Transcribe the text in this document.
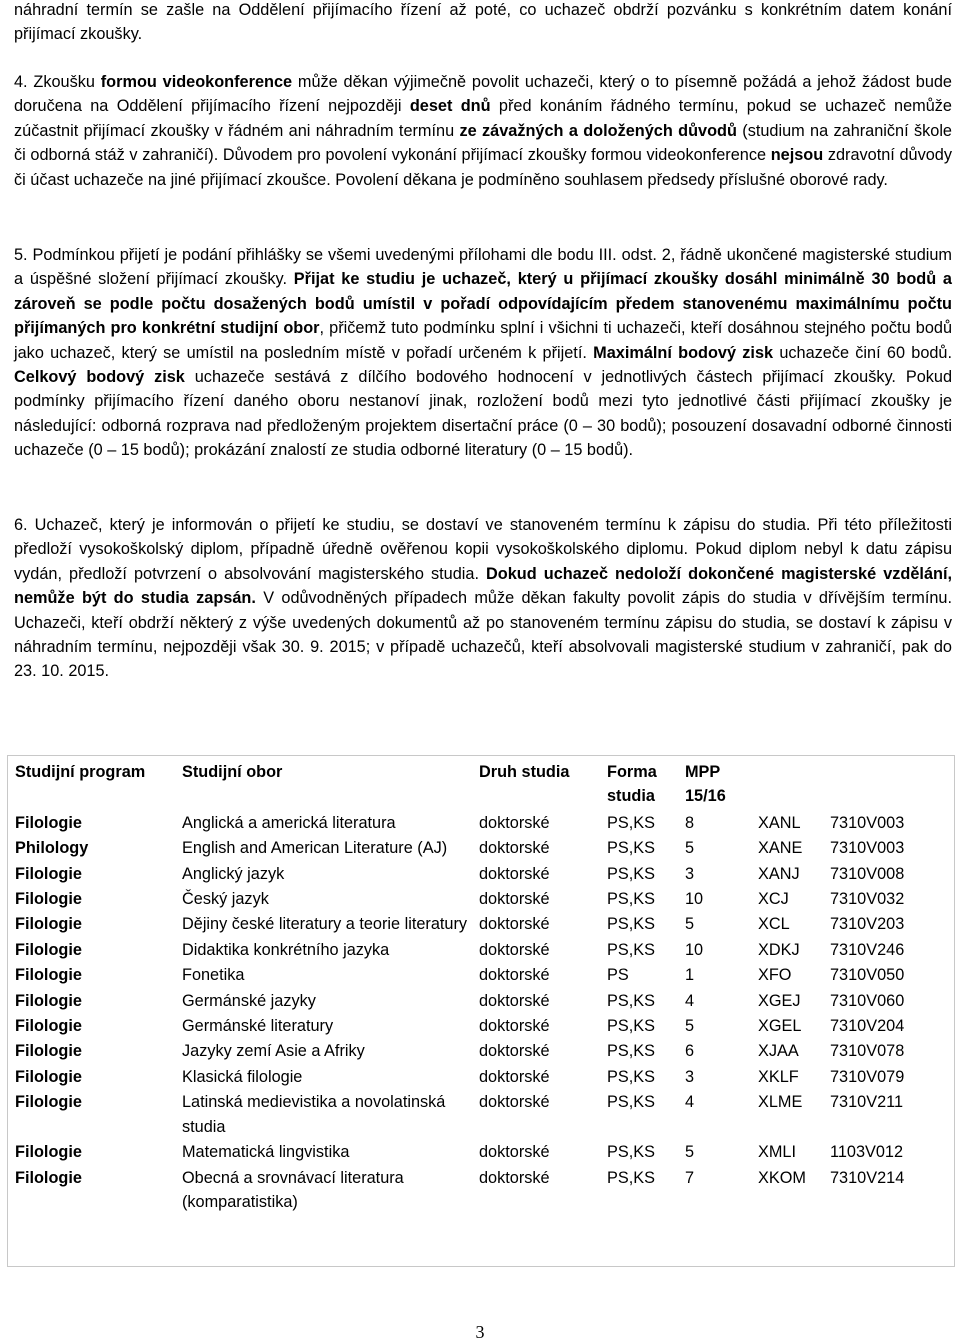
náhradní termín se zašle na Oddělení přijímacího řízení až poté, co uchazeč obdrží pozvánku s konkrétním datem konání přijímací zkoušky.

4. Zkoušku formou videokonference může děkan výjimečně povolit uchazeči, který o to písemně požádá a jehož žádost bude doručena na Oddělení přijímacího řízení nejpozději deset dnů před konáním řádného termínu, pokud se uchazeč nemůže zúčastnit přijímací zkoušky v řádném ani náhradním termínu ze závažných a doložených důvodů (studium na zahraniční škole či odborná stáž v zahraničí). Důvodem pro povolení vykonání přijímací zkoušky formou videokonference nejsou zdravotní důvody či účast uchazeče na jiné přijímací zkoušce. Povolení děkana je podmíněno souhlasem předsedy příslušné oborové rady.

5. Podmínkou přijetí je podání přihlášky se všemi uvedenými přílohami dle bodu III. odst. 2, řádně ukončené magisterské studium a úspěšné složení přijímací zkoušky. Přijat ke studiu je uchazeč, který u přijímací zkoušky dosáhl minimálně 30 bodů a zároveň se podle počtu dosažených bodů umístil v pořadí odpovídajícím předem stanovenému maximálnímu počtu přijímaných pro konkrétní studijní obor, přičemž tuto podmínku splní i všichni ti uchazeči, kteří dosáhnou stejného počtu bodů jako uchazeč, který se umístil na posledním místě v pořadí určeném k přijetí. Maximální bodový zisk uchazeče činí 60 bodů. Celkový bodový zisk uchazeče sestává z dílčího bodového hodnocení v jednotlivých částech přijímací zkoušky. Pokud podmínky přijímacího řízení daného oboru nestanoví jinak, rozložení bodů mezi tyto jednotlivé části přijímací zkoušky je následující: odborná rozprava nad předloženým projektem disertační práce (0 – 30 bodů); posouzení dosavadní odborné činnosti uchazeče (0 – 15 bodů); prokázání znalostí ze studia odborné literatury (0 – 15 bodů).

6. Uchazeč, který je informován o přijetí ke studiu, se dostaví ve stanoveném termínu k zápisu do studia. Při této příležitosti předloží vysokoškolský diplom, případně úředně ověřenou kopii vysokoškolského diplomu. Pokud diplom nebyl k datu zápisu vydán, předloží potvrzení o absolvování magisterského studia. Dokud uchazeč nedoloží dokončené magisterské vzdělání, nemůže být do studia zapsán. V odůvodněných případech může děkan fakulty povolit zápis do studia v dřívějším termínu. Uchazeči, kteří obdrží některý z výše uvedených dokumentů až po stanoveném termínu zápisu do studia, se dostaví k zápisu v náhradním termínu, nejpozději však 30. 9. 2015; v případě uchazečů, kteří absolvovali magisterské studium v zahraničí, pak do 23. 10. 2015.

Studijní program	Studijní obor	Druh studia	Forma studia	MPP 15/16		
Filologie	Anglická a americká literatura	doktorské	PS,KS	8	XANL	7310V003
Philology	English and American Literature (AJ)	doktorské	PS,KS	5	XANE	7310V003
Filologie	Anglický jazyk	doktorské	PS,KS	3	XANJ	7310V008
Filologie	Český jazyk	doktorské	PS,KS	10	XCJ	7310V032
Filologie	Dějiny české literatury a teorie literatury	doktorské	PS,KS	5	XCL	7310V203
Filologie	Didaktika konkrétního jazyka	doktorské	PS,KS	10	XDKJ	7310V246
Filologie	Fonetika	doktorské	PS	1	XFO	7310V050
Filologie	Germánské jazyky	doktorské	PS,KS	4	XGEJ	7310V060
Filologie	Germánské literatury	doktorské	PS,KS	5	XGEL	7310V204
Filologie	Jazyky zemí Asie a Afriky	doktorské	PS,KS	6	XJAA	7310V078
Filologie	Klasická filologie	doktorské	PS,KS	3	XKLF	7310V079
Filologie	Latinská medievistika a novolatinská studia	doktorské	PS,KS	4	XLME	7310V211
Filologie	Matematická lingvistika	doktorské	PS,KS	5	XMLI	1103V012
Filologie	Obecná a srovnávací literatura (komparatistika)	doktorské	PS,KS	7	XKOM	7310V214
3
